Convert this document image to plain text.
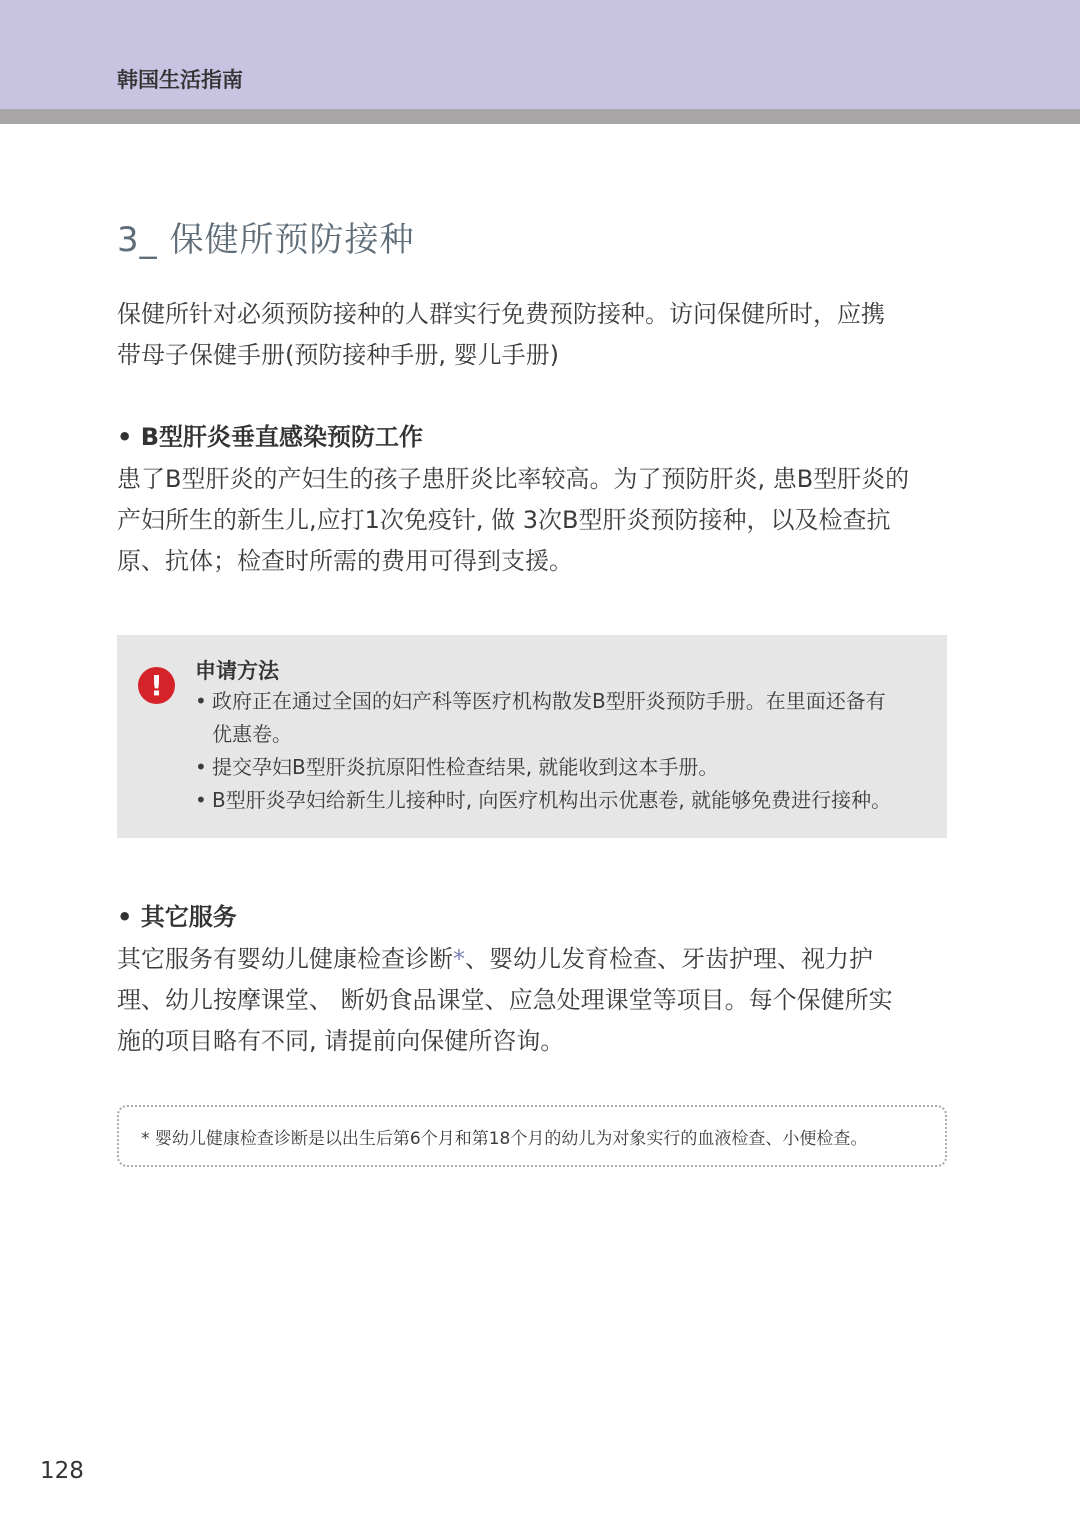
韩国生活指南
3_ 保健所预防接种

保健所针对必须预防接种的人群实行免费预防接种。访问保健所时，应携
带母子保健手册(预防接种手册, 婴儿手册)

• B型肝炎垂直感染预防工作

患了B型肝炎的产妇生的孩子患肝炎比率较高。为了预防肝炎, 患B型肝炎的
产妇所生的新生儿,应打1次免疫针, 做 3次B型肝炎预防接种，以及检查抗
原、抗体；检查时所需的费用可得到支援。

!	申请方法
• 政府正在通过全国的妇产科等医疗机构散发B型肝炎预防手册。在里面还备有
优惠卷。
• 提交孕妇B型肝炎抗原阳性检查结果, 就能收到这本手册。
• B型肝炎孕妇给新生儿接种时, 向医疗机构出示优惠卷, 就能够免费进行接种。
• 其它服务

其它服务有婴幼儿健康检查诊断*、婴幼儿发育检查、牙齿护理、视力护
理、幼儿按摩课堂、 断奶食品课堂、应急处理课堂等项目。每个保健所实
施的项目略有不同, 请提前向保健所咨询。

* 婴幼儿健康检查诊断是以出生后第6个月和第18个月的幼儿为对象实行的血液检查、小便检查。
128
